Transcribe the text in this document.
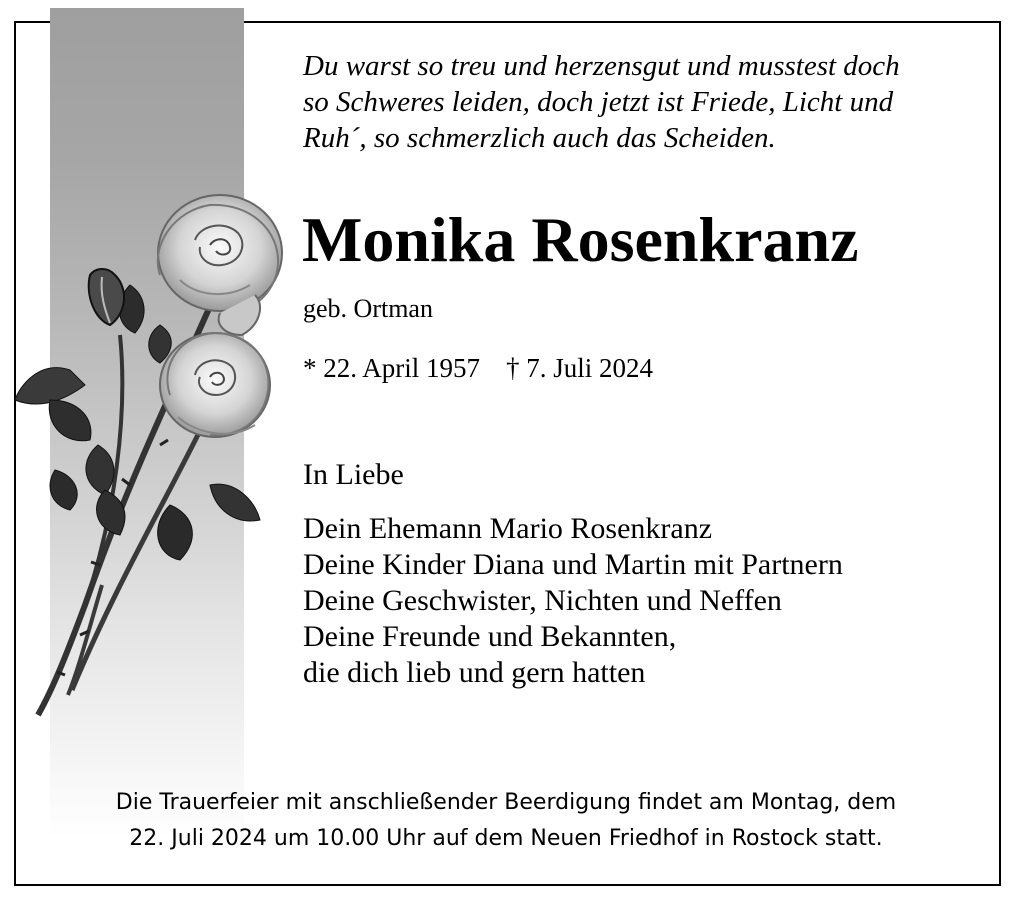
Du warst so treu und herzensgut und musstest doch
so Schweres leiden, doch jetzt ist Friede, Licht und
Ruh´, so schmerzlich auch das Scheiden.
Monika Rosenkranz
geb. Ortman
* 22. April 1957 † 7. Juli 2024
In Liebe
Dein Ehemann Mario Rosenkranz
Deine Kinder Diana und Martin mit Partnern
Deine Geschwister, Nichten und Neffen
Deine Freunde und Bekannten,
die dich lieb und gern hatten
Die Trauerfeier mit anschließender Beerdigung findet am Montag, dem
22. Juli 2024 um 10.00 Uhr auf dem Neuen Friedhof in Rostock statt.
